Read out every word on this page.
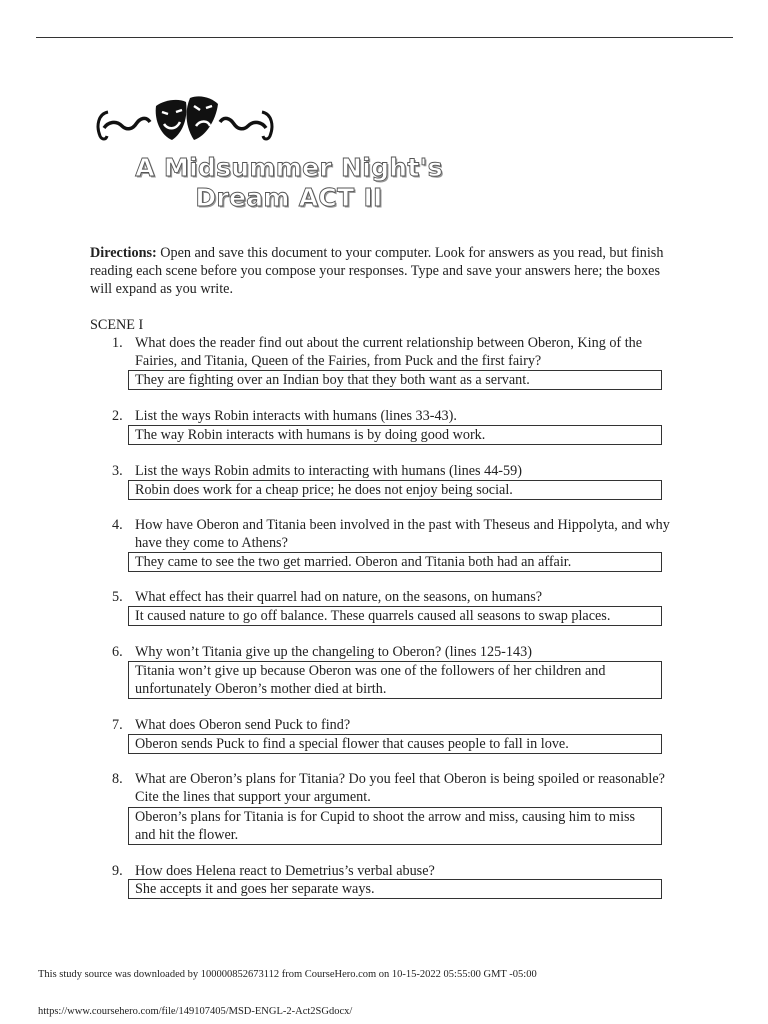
A Midsummer Night's
Dream ACT II
Directions: Open and save this document to your computer. Look for answers as you read, but finish reading each scene before you compose your responses. Type and save your answers here; the boxes will expand as you write.
SCENE I
1. What does the reader find out about the current relationship between Oberon, King of the Fairies, and Titania, Queen of the Fairies, from Puck and the first fairy?
They are fighting over an Indian boy that they both want as a servant.
2. List the ways Robin interacts with humans (lines 33-43).
The way Robin interacts with humans is by doing good work.
3. List the ways Robin admits to interacting with humans (lines 44-59)
Robin does work for a cheap price; he does not enjoy being social.
4. How have Oberon and Titania been involved in the past with Theseus and Hippolyta, and why have they come to Athens?
They came to see the two get married. Oberon and Titania both had an affair.
5. What effect has their quarrel had on nature, on the seasons, on humans?
It caused nature to go off balance. These quarrels caused all seasons to swap places.
6. Why won’t Titania give up the changeling to Oberon? (lines 125-143)
Titania won’t give up because Oberon was one of the followers of her children and unfortunately Oberon’s mother died at birth.
7. What does Oberon send Puck to find?
Oberon sends Puck to find a special flower that causes people to fall in love.
8. What are Oberon’s plans for Titania? Do you feel that Oberon is being spoiled or reasonable? Cite the lines that support your argument.
Oberon’s plans for Titania is for Cupid to shoot the arrow and miss, causing him to miss and hit the flower.
9. How does Helena react to Demetrius’s verbal abuse?
She accepts it and goes her separate ways.
This study source was downloaded by 100000852673112 from CourseHero.com on 10-15-2022 05:55:00 GMT -05:00
https://www.coursehero.com/file/149107405/MSD-ENGL-2-Act2SGdocx/
